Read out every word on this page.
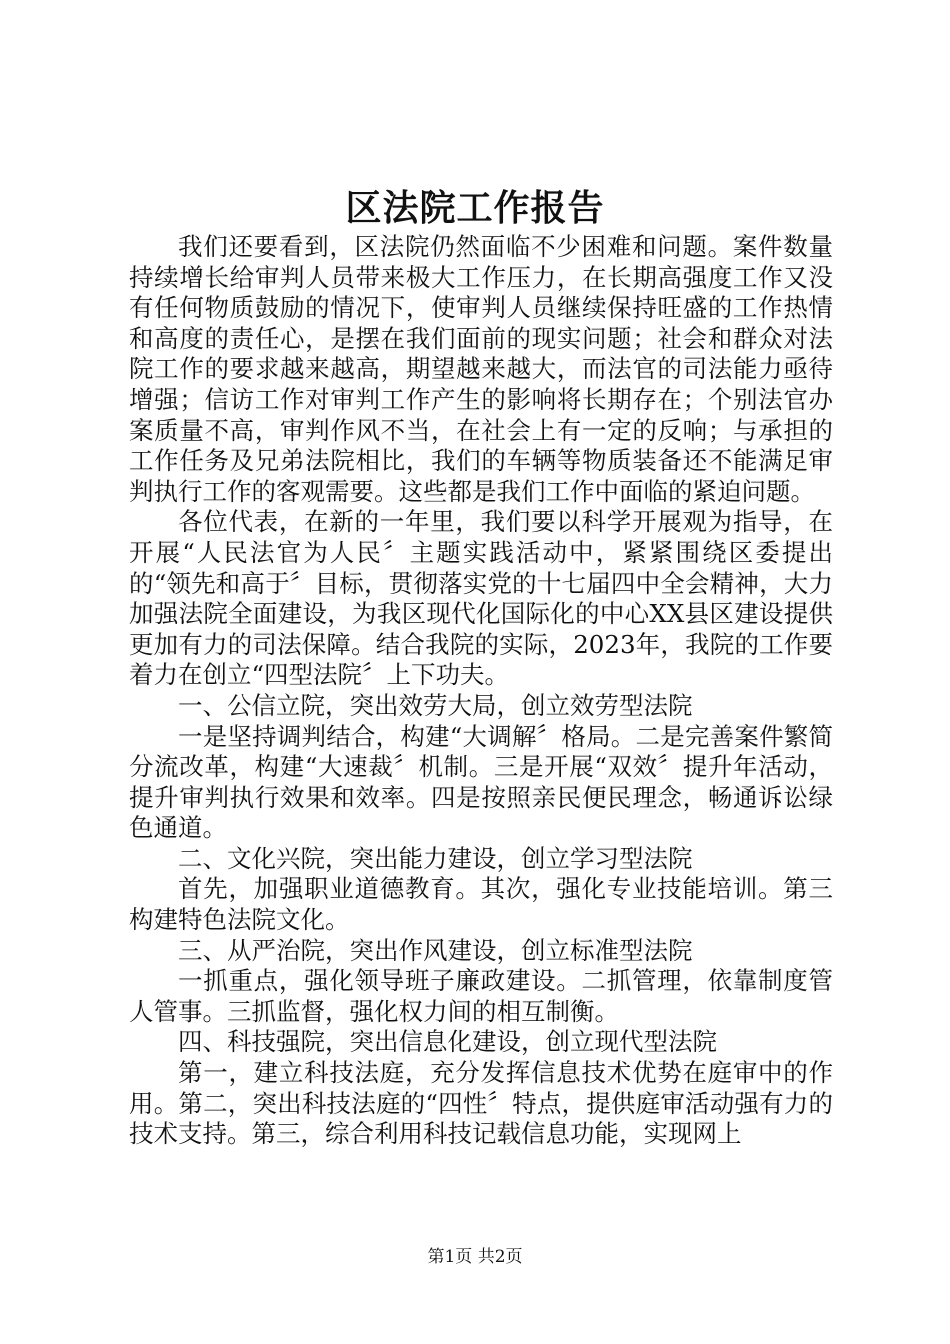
区法院工作报告

我们还要看到，区法院仍然面临不少困难和问题。案件数量持续增长给审判人员带来极大工作压力，在长期高强度工作又没有任何物质鼓励的情况下，使审判人员继续保持旺盛的工作热情和高度的责任心，是摆在我们面前的现实问题；社会和群众对法院工作的要求越来越高，期望越来越大，而法官的司法能力亟待增强；信访工作对审判工作产生的影响将长期存在；个别法官办案质量不高，审判作风不当，在社会上有一定的反响；与承担的工作任务及兄弟法院相比，我们的车辆等物质装备还不能满足审判执行工作的客观需要。这些都是我们工作中面临的紧迫问题。

各位代表，在新的一年里，我们要以科学开展观为指导，在开展“人民法官为人民〞主题实践活动中，紧紧围绕区委提出的“领先和高于〞目标，贯彻落实党的十七届四中全会精神，大力加强法院全面建设，为我区现代化国际化的中心XX县区建设提供更加有力的司法保障。结合我院的实际，2023年，我院的工作要着力在创立“四型法院〞上下功夫。

一、公信立院，突出效劳大局，创立效劳型法院

一是坚持调判结合，构建“大调解〞格局。二是完善案件繁简分流改革，构建“大速裁〞机制。三是开展“双效〞提升年活动，提升审判执行效果和效率。四是按照亲民便民理念，畅通诉讼绿色通道。

二、文化兴院，突出能力建设，创立学习型法院

首先，加强职业道德教育。其次，强化专业技能培训。第三构建特色法院文化。

三、从严治院，突出作风建设，创立标准型法院

一抓重点，强化领导班子廉政建设。二抓管理，依靠制度管人管事。三抓监督，强化权力间的相互制衡。

四、科技强院，突出信息化建设，创立现代型法院

第一，建立科技法庭，充分发挥信息技术优势在庭审中的作用。第二，突出科技法庭的“四性〞特点，提供庭审活动强有力的技术支持。第三，综合利用科技记载信息功能，实现网上

第1页 共2页
